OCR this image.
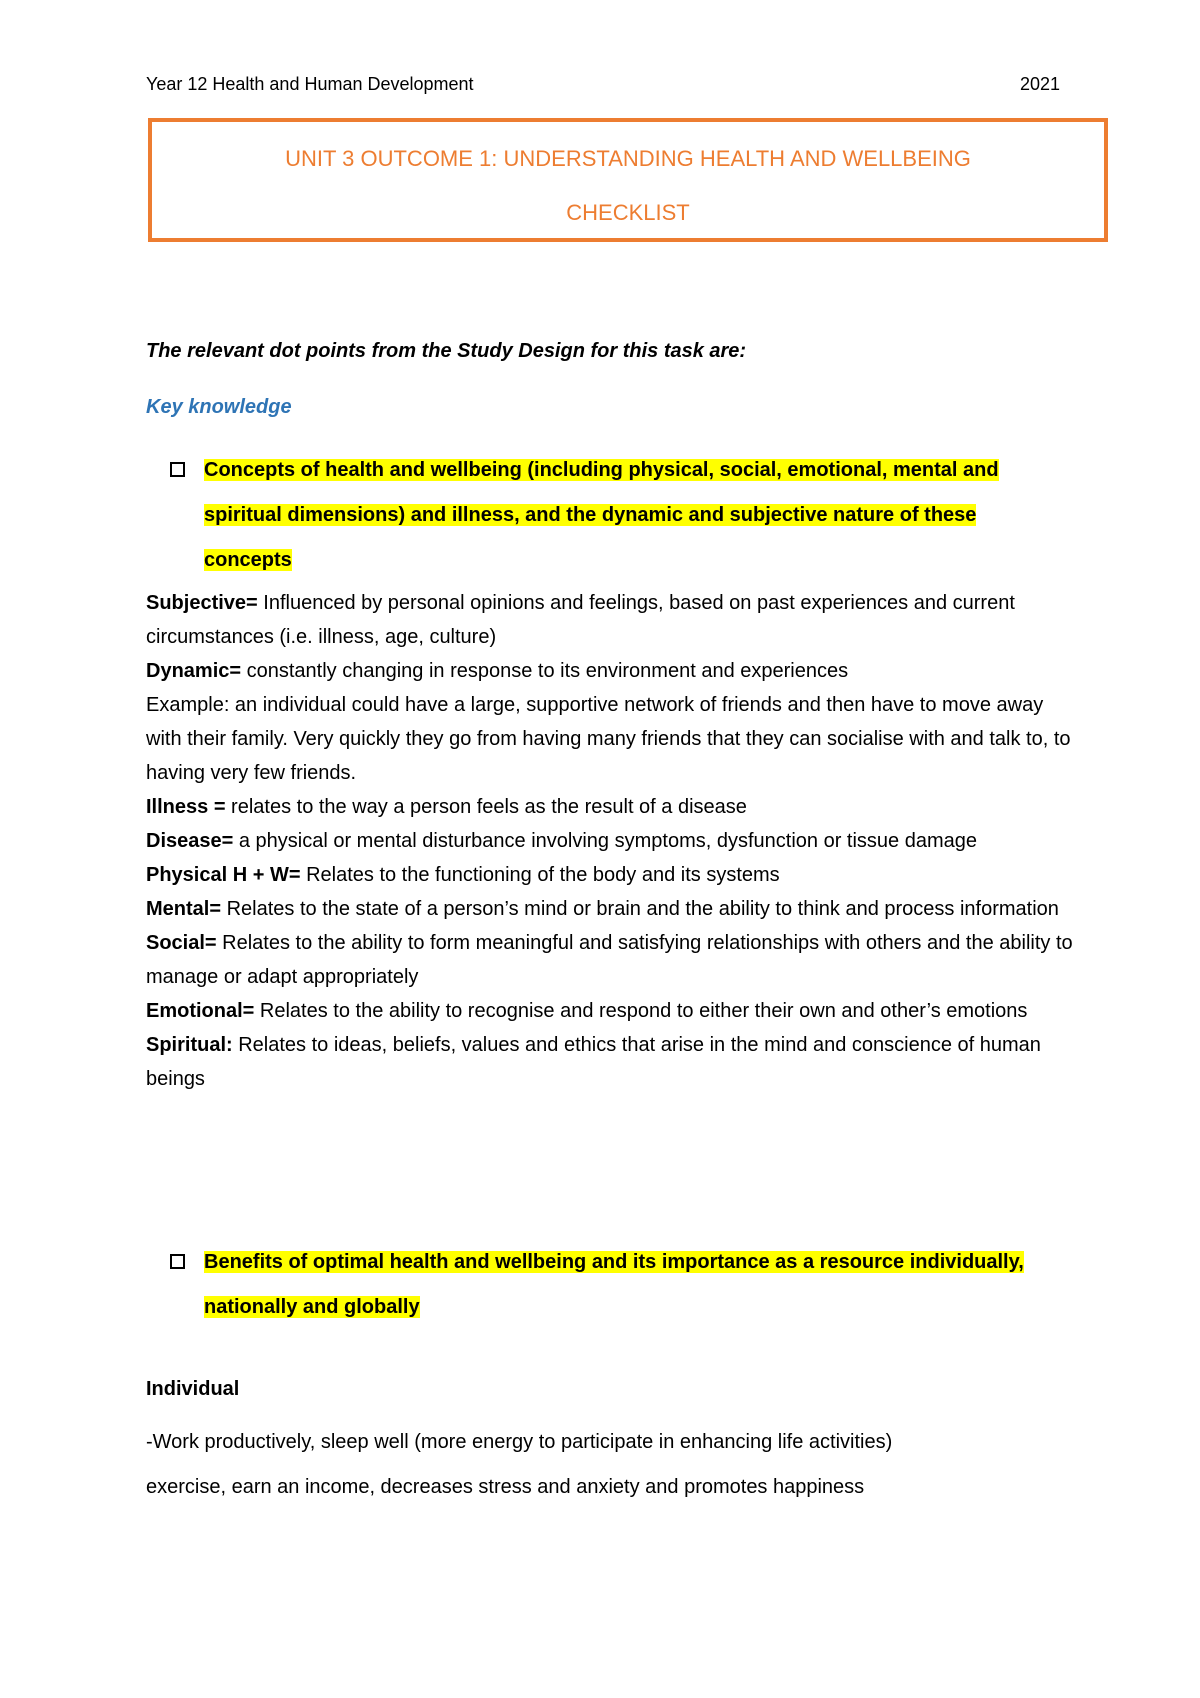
Year 12 Health and Human Development	2021
UNIT 3 OUTCOME 1: UNDERSTANDING HEALTH AND WELLBEING
CHECKLIST
The relevant dot points from the Study Design for this task are:
Key knowledge
Concepts of health and wellbeing (including physical, social, emotional, mental and
spiritual dimensions) and illness, and the dynamic and subjective nature of these
concepts

Subjective= Influenced by personal opinions and feelings, based on past experiences and current circumstances (i.e. illness, age, culture)

Dynamic= constantly changing in response to its environment and experiences

Example: an individual could have a large, supportive network of friends and then have to move away with their family. Very quickly they go from having many friends that they can socialise with and talk to, to having very few friends.

Illness = relates to the way a person feels as the result of a disease

Disease= a physical or mental disturbance involving symptoms, dysfunction or tissue damage

Physical H + W= Relates to the functioning of the body and its systems

Mental= Relates to the state of a person’s mind or brain and the ability to think and process information

Social= Relates to the ability to form meaningful and satisfying relationships with others and the ability to manage or adapt appropriately

Emotional= Relates to the ability to recognise and respond to either their own and other’s emotions

Spiritual: Relates to ideas, beliefs, values and ethics that arise in the mind and conscience of human beings

Benefits of optimal health and wellbeing and its importance as a resource individually,
nationally and globally
Individual

-Work productively, sleep well (more energy to participate in enhancing life activities)

exercise, earn an income, decreases stress and anxiety and promotes happiness
